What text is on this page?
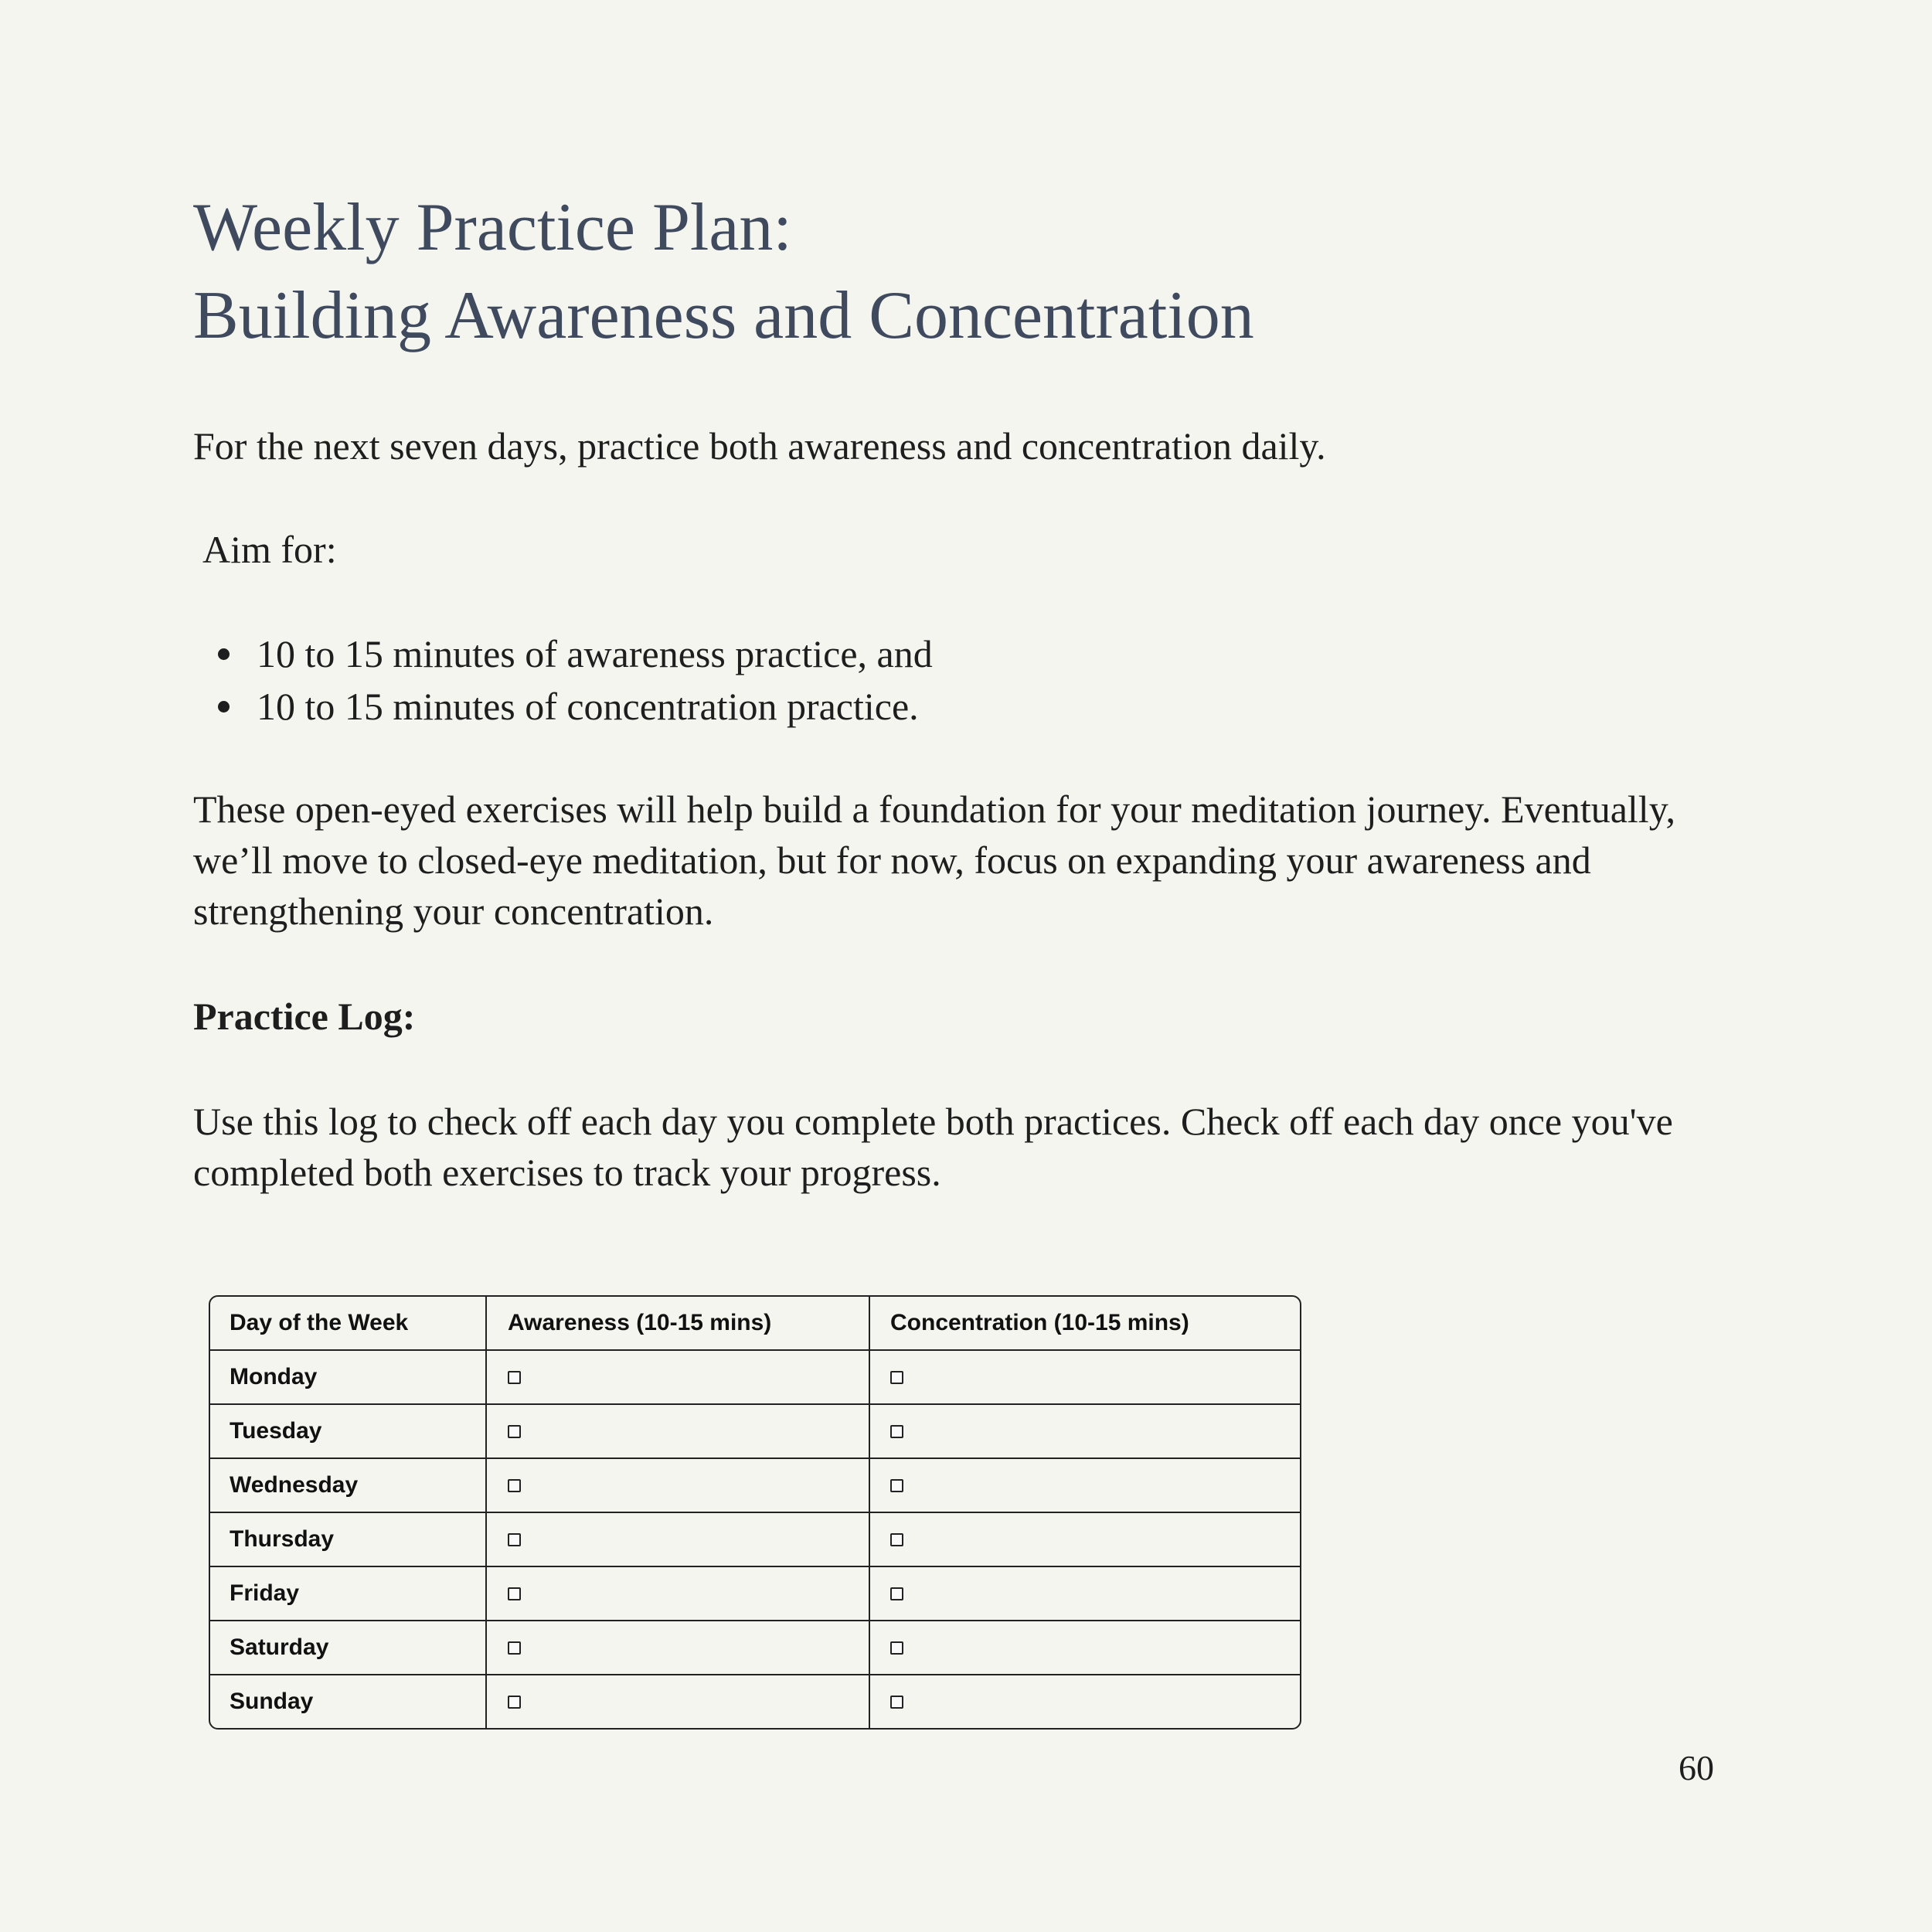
Weekly Practice Plan:
Building Awareness and Concentration

For the next seven days, practice both awareness and concentration daily.

Aim for:

10 to 15 minutes of awareness practice, and
10 to 15 minutes of concentration practice.

These open-eyed exercises will help build a foundation for your meditation journey. Eventually,
we’ll move to closed-eye meditation, but for now, focus on expanding your awareness and
strengthening your concentration.

Practice Log:

Use this log to check off each day you complete both practices. Check off each day once you've
completed both exercises to track your progress.

Day of the Week	Awareness (10-15 mins)	Concentration (10-15 mins)
Monday
Tuesday
Wednesday
Thursday
Friday
Saturday
Sunday

60
